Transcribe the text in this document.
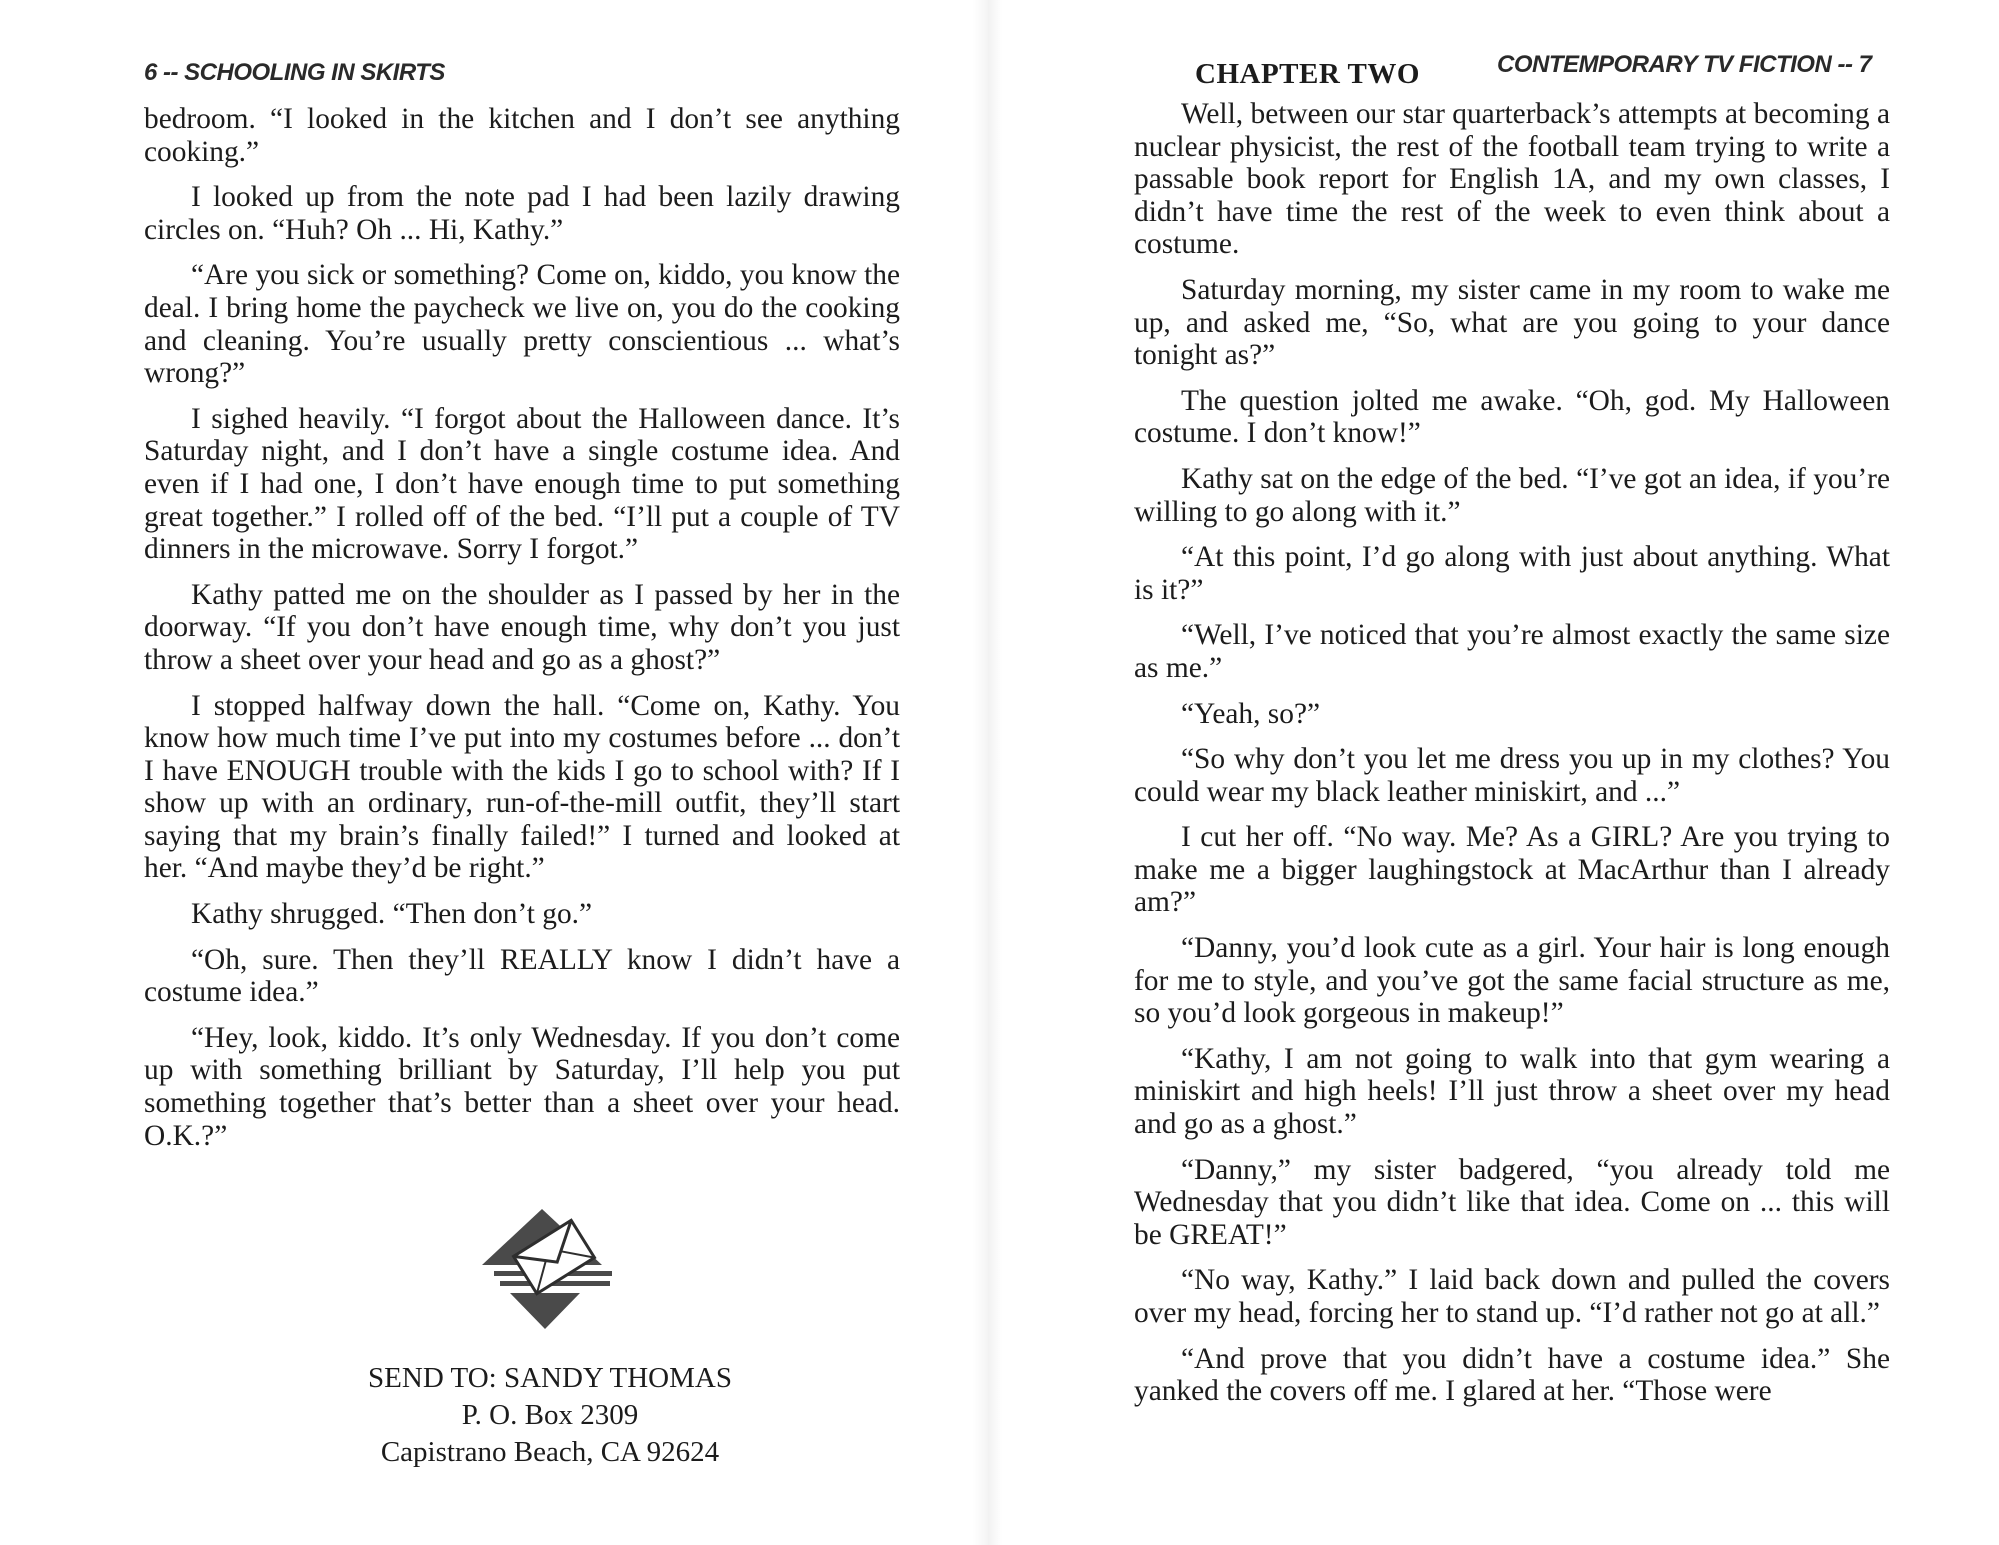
6 -- SCHOOLING IN SKIRTS

bedroom. “I looked in the kitchen and I don’t see anything cooking.”

I looked up from the note pad I had been lazily drawing circles on. “Huh? Oh ... Hi, Kathy.”

“Are you sick or something? Come on, kiddo, you know the deal. I bring home the paycheck we live on, you do the cooking and cleaning. You’re usually pretty conscientious ... what’s wrong?”

I sighed heavily. “I forgot about the Halloween dance. It’s Saturday night, and I don’t have a single costume idea. And even if I had one, I don’t have enough time to put something great together.” I rolled off of the bed. “I’ll put a couple of TV dinners in the microwave. Sorry I forgot.”

Kathy patted me on the shoulder as I passed by her in the doorway. “If you don’t have enough time, why don’t you just throw a sheet over your head and go as a ghost?”

I stopped halfway down the hall. “Come on, Kathy. You know how much time I’ve put into my costumes before ... don’t I have ENOUGH trouble with the kids I go to school with? If I show up with an ordinary, run-of-the-mill outfit, they’ll start saying that my brain’s finally failed!” I turned and looked at her. “And maybe they’d be right.”

Kathy shrugged. “Then don’t go.”

“Oh, sure. Then they’ll REALLY know I didn’t have a costume idea.”

“Hey, look, kiddo. It’s only Wednesday. If you don’t come up with something brilliant by Saturday, I’ll help you put something together that’s better than a sheet over your head. O.K.?”

SEND TO: SANDY THOMAS
P. O. Box 2309
Capistrano Beach, CA 92624
CHAPTER TWO	CONTEMPORARY TV FICTION -- 7

Well, between our star quarterback’s attempts at becoming a nuclear physicist, the rest of the football team trying to write a passable book report for English 1A, and my own classes, I didn’t have time the rest of the week to even think about a costume.

Saturday morning, my sister came in my room to wake me up, and asked me, “So, what are you going to your dance tonight as?”

The question jolted me awake. “Oh, god. My Halloween costume. I don’t know!”

Kathy sat on the edge of the bed. “I’ve got an idea, if you’re willing to go along with it.”

“At this point, I’d go along with just about anything. What is it?”

“Well, I’ve noticed that you’re almost exactly the same size as me.”

“Yeah, so?”

“So why don’t you let me dress you up in my clothes? You could wear my black leather miniskirt, and ...”

I cut her off. “No way. Me? As a GIRL? Are you trying to make me a bigger laughingstock at MacArthur than I already am?”

“Danny, you’d look cute as a girl. Your hair is long enough for me to style, and you’ve got the same facial structure as me, so you’d look gorgeous in makeup!”

“Kathy, I am not going to walk into that gym wearing a miniskirt and high heels! I’ll just throw a sheet over my head and go as a ghost.”

“Danny,” my sister badgered, “you already told me Wednesday that you didn’t like that idea. Come on ... this will be GREAT!”

“No way, Kathy.” I laid back down and pulled the covers over my head, forcing her to stand up. “I’d rather not go at all.”

“And prove that you didn’t have a costume idea.” She yanked the covers off me. I glared at her. “Those were
